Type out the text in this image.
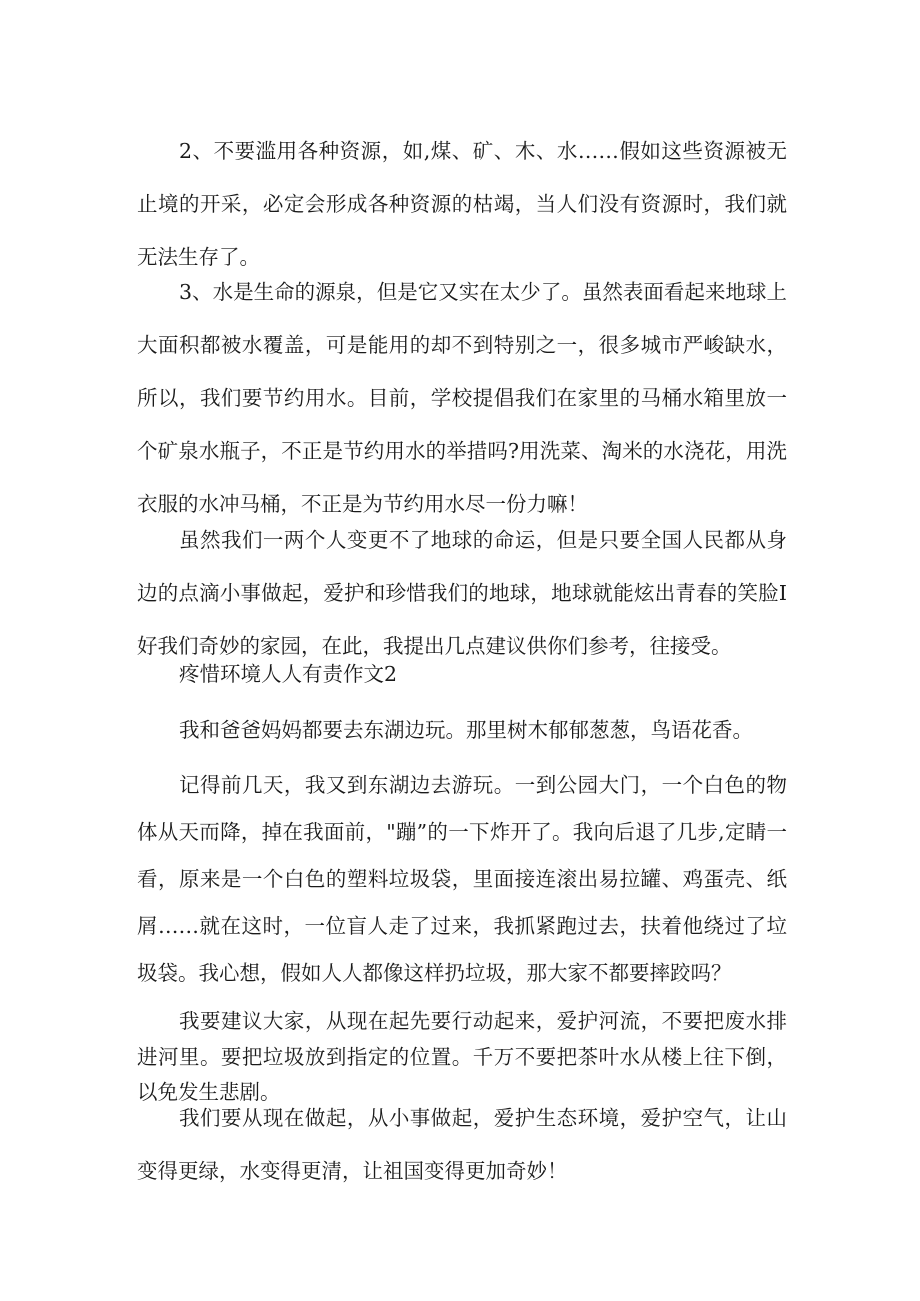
2、不要滥用各种资源，如,煤、矿、木、水……假如这些资源被无止境的开采，必定会形成各种资源的枯竭，当人们没有资源时，我们就无法生存了。

3、水是生命的源泉，但是它又实在太少了。虽然表面看起来地球上大面积都被水覆盖，可是能用的却不到特别之一，很多城市严峻缺水，所以，我们要节约用水。目前，学校提倡我们在家里的马桶水箱里放一个矿泉水瓶子，不正是节约用水的举措吗?用洗菜、淘米的水浇花，用洗衣服的水冲马桶，不正是为节约用水尽一份力嘛！

虽然我们一两个人变更不了地球的命运，但是只要全国人民都从身边的点滴小事做起，爱护和珍惜我们的地球，地球就能炫出青春的笑脸I好我们奇妙的家园，在此，我提出几点建议供你们参考，往接受。

疼惜环境人人有责作文2

我和爸爸妈妈都要去东湖边玩。那里树木郁郁葱葱，鸟语花香。

记得前几天，我又到东湖边去游玩。一到公园大门，一个白色的物体从天而降，掉在我面前，"蹦”的一下炸开了。我向后退了几步,定睛一看，原来是一个白色的塑料垃圾袋，里面接连滚出易拉罐、鸡蛋壳、纸屑……就在这时，一位盲人走了过来，我抓紧跑过去，扶着他绕过了垃圾袋。我心想，假如人人都像这样扔垃圾，那大家不都要摔跤吗？

我要建议大家，从现在起先要行动起来，爱护河流，不要把废水排进河里。要把垃圾放到指定的位置。千万不要把茶叶水从楼上往下倒，以免发生悲剧。

我们要从现在做起，从小事做起，爱护生态环境，爱护空气，让山变得更绿，水变得更清，让祖国变得更加奇妙！
